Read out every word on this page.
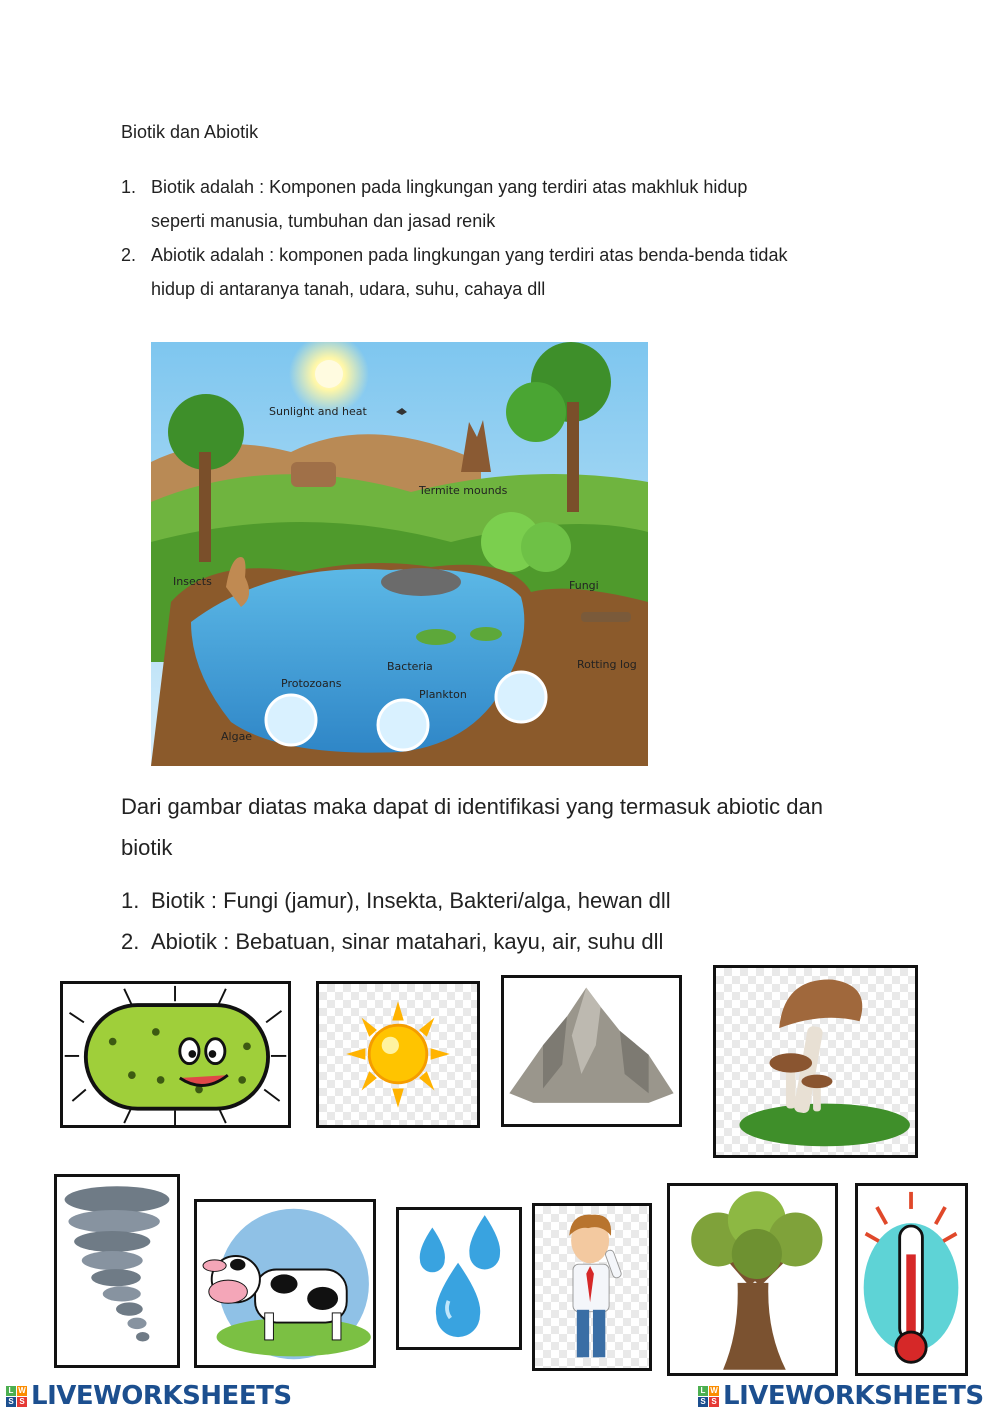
Biotik dan Abiotik
1. Biotik adalah : Komponen pada lingkungan yang terdiri atas makhluk hidup
seperti manusia, tumbuhan dan jasad renik
2. Abiotik adalah : komponen pada lingkungan yang terdiri atas benda-benda tidak
hidup di antaranya tanah, udara, suhu, cahaya dll
Sunlight and heat
Termite mounds
Insects	Fungi
Bacteria	Rotting log
Protozoans
Plankton
Algae
Dari gambar diatas maka dapat di identifikasi yang termasuk abiotic dan
biotik
1. Biotik : Fungi (jamur), Insekta, Bakteri/alga, hewan dll
2. Abiotik : Bebatuan, sinar matahari, kayu, air, suhu dll
L W
S S LIVEWORKSHEETS	L W
S S LIVEWORKSHEETS
